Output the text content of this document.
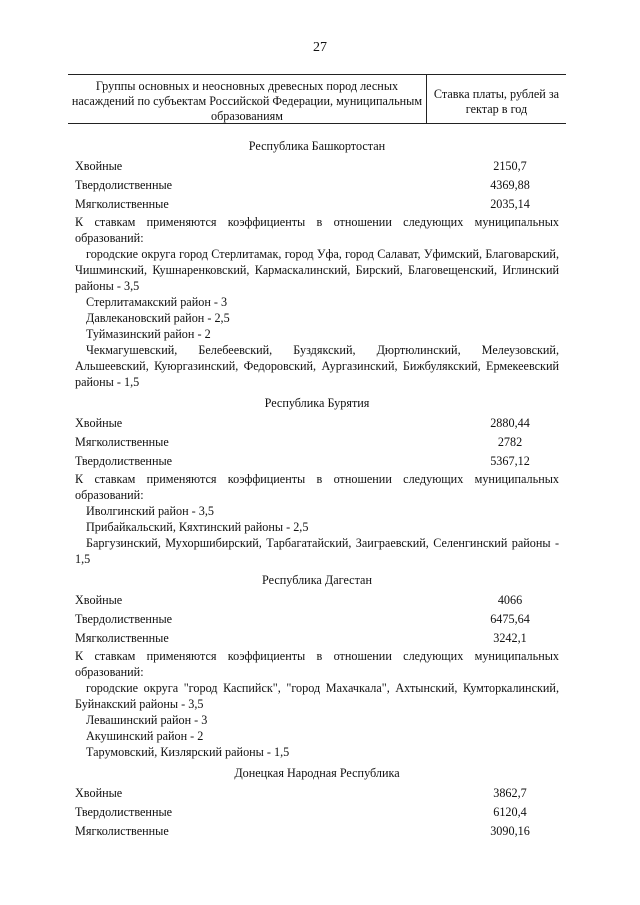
27
Группы основных и неосновных древесных пород лесных насаждений по субъектам Российской Федерации, муниципальным образованиям
Ставка платы, рублей за гектар в год
Республика Башкортостан
Хвойные	2150,7
Твердолиственные	4369,88
Мягколиственные	2035,14
К ставкам применяются коэффициенты в отношении следующих муниципальных образований:
городские округа город Стерлитамак, город Уфа, город Салават, Уфимский, Благоварский, Чишминский, Кушнаренковский, Кармаскалинский, Бирский, Благовещенский, Иглинский районы - 3,5
Стерлитамакский район - 3
Давлекановский район - 2,5
Туймазинский район - 2
Чекмагушевский, Белебеевский, Буздякский, Дюртюлинский, Мелеузовский, Альшеевский, Куюргазинский, Федоровский, Аургазинский, Бижбулякский, Ермекеевский районы - 1,5
Республика Бурятия
Хвойные	2880,44
Мягколиственные	2782
Твердолиственные	5367,12
К ставкам применяются коэффициенты в отношении следующих муниципальных образований:
Иволгинский район - 3,5
Прибайкальский, Кяхтинский районы - 2,5
Баргузинский, Мухоршибирский, Тарбагатайский, Заиграевский, Селенгинский районы - 1,5
Республика Дагестан
Хвойные	4066
Твердолиственные	6475,64
Мягколиственные	3242,1
К ставкам применяются коэффициенты в отношении следующих муниципальных образований:
городские округа "город Каспийск", "город Махачкала", Ахтынский, Кумторкалинский, Буйнакский районы - 3,5
Левашинский район - 3
Акушинский район - 2
Тарумовский, Кизлярский районы - 1,5
Донецкая Народная Республика
Хвойные	3862,7
Твердолиственные	6120,4
Мягколиственные	3090,16
